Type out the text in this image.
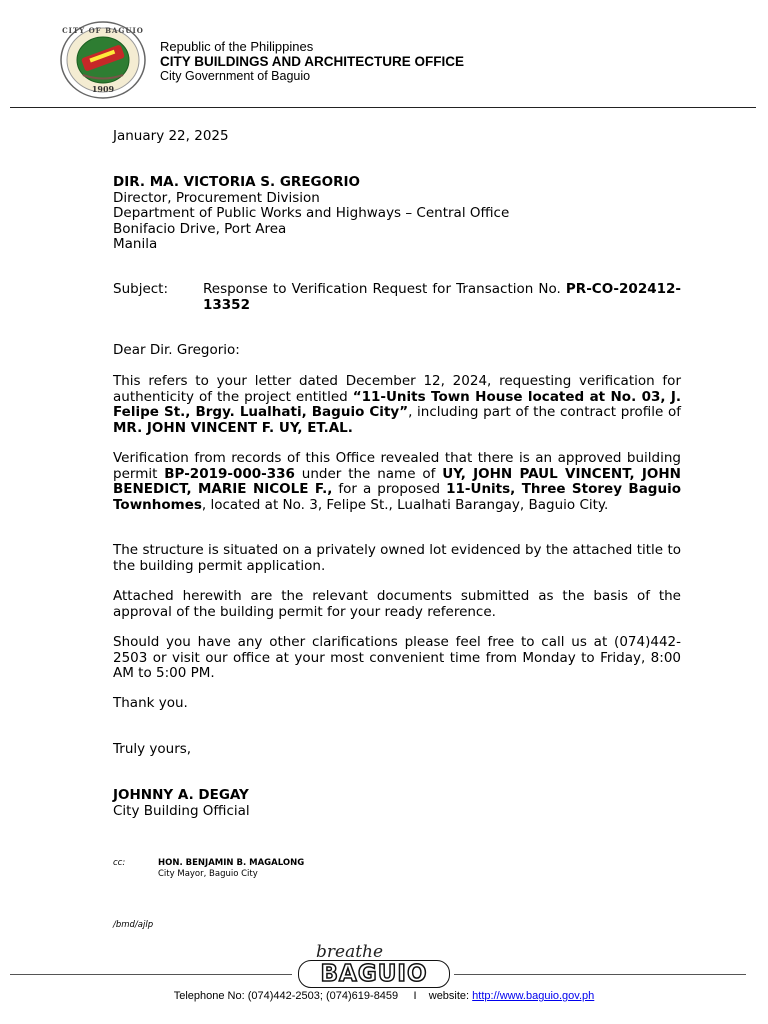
CITY OF BAGUIO
1909
Republic of the Philippines
CITY BUILDINGS AND ARCHITECTURE OFFICE
City Government of Baguio
January 22, 2025
DIR. MA. VICTORIA S. GREGORIO
Director, Procurement Division
Department of Public Works and Highways – Central Office
Bonifacio Drive, Port Area
Manila
Subject:	Response to Verification Request for Transaction No. PR-CO-202412-13352
Dear Dir. Gregorio:

This refers to your letter dated December 12, 2024, requesting verification for authenticity of the project entitled “11-Units Town House located at No. 03, J. Felipe St., Brgy. Lualhati, Baguio City”, including part of the contract profile of MR. JOHN VINCENT F. UY, ET.AL.

Verification from records of this Office revealed that there is an approved building permit BP-2019-000-336 under the name of UY, JOHN PAUL VINCENT, JOHN BENEDICT, MARIE NICOLE F., for a proposed 11-Units, Three Storey Baguio Townhomes, located at No. 3, Felipe St., Lualhati Barangay, Baguio City.

The structure is situated on a privately owned lot evidenced by the attached title to the building permit application.

Attached herewith are the relevant documents submitted as the basis of the approval of the building permit for your ready reference.

Should you have any other clarifications please feel free to call us at (074)442-2503 or visit our office at your most convenient time from Monday to Friday, 8:00 AM to 5:00 PM.

Thank you.
Truly yours,
JOHNNY A. DEGAY
City Building Official
cc:	HON. BENJAMIN B. MAGALONG
City Mayor, Baguio City
/bmd/ajlp
breathe
BAGUIO
Telephone No: (074)442-2503; (074)619-8459 I website: http://www.baguio.gov.ph
